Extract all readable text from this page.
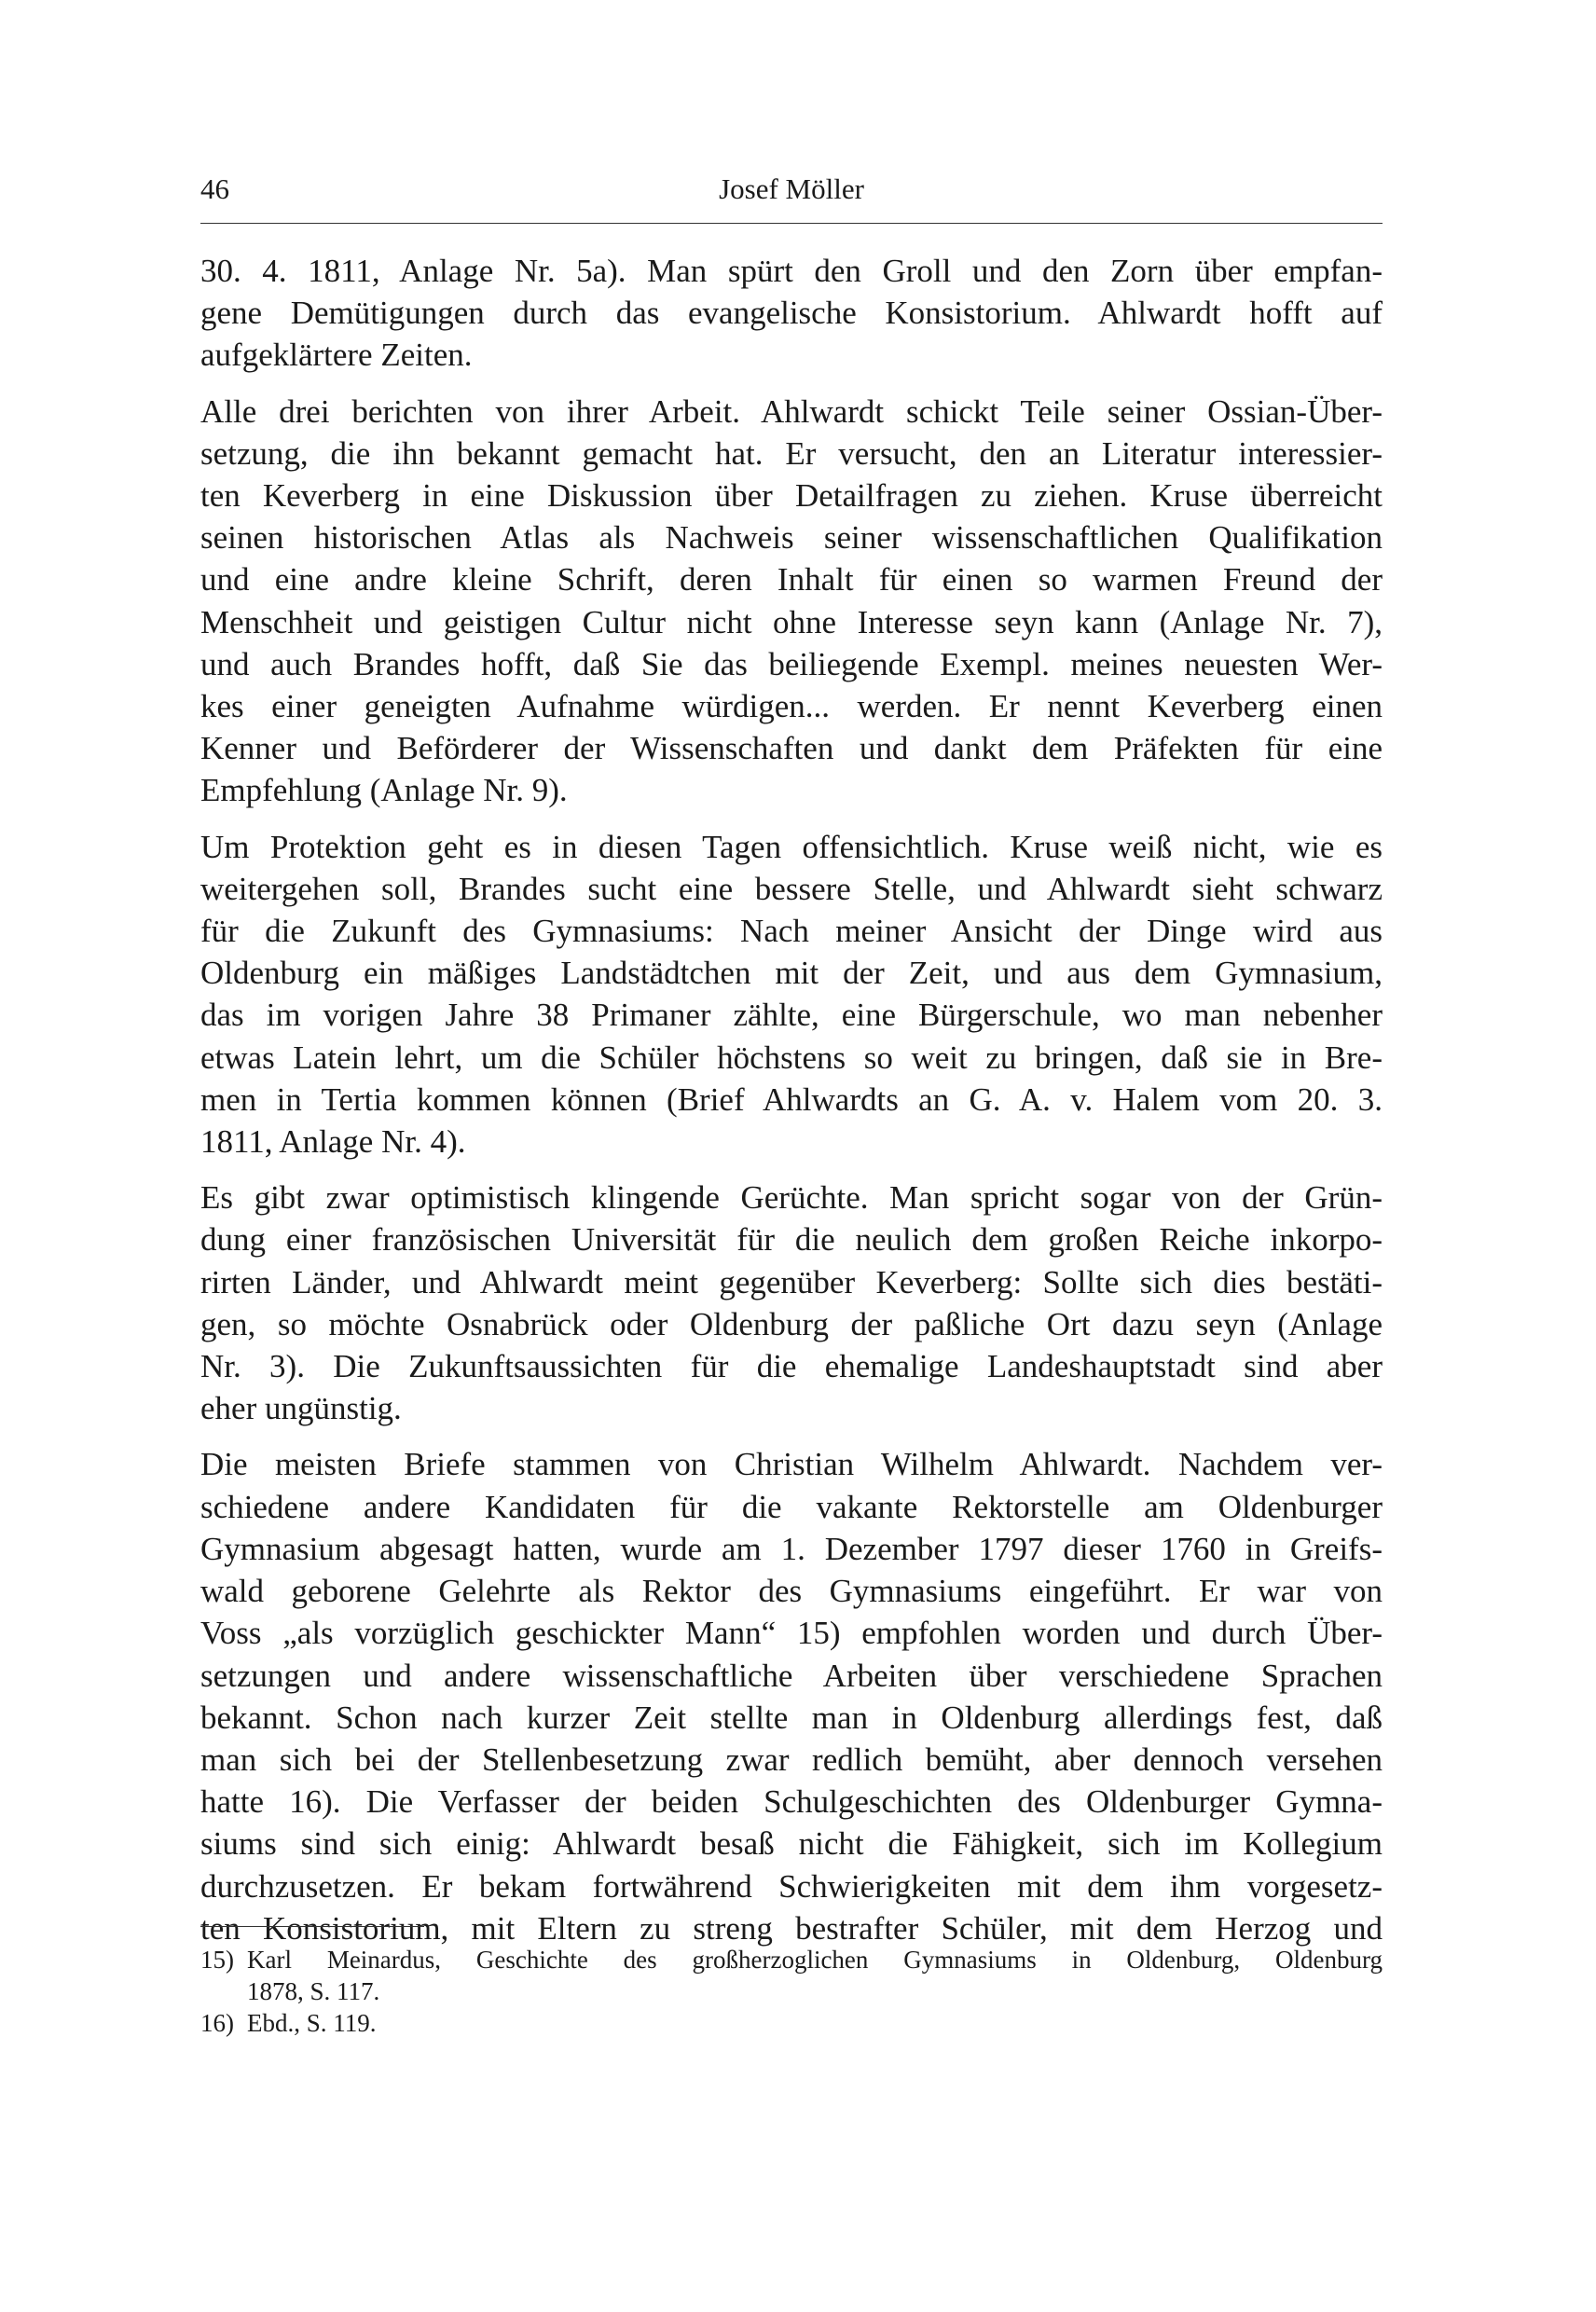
46	Josef Möller

30. 4. 1811, Anlage Nr. 5a). Man spürt den Groll und den Zorn über empfan-
gene Demütigungen durch das evangelische Konsistorium. Ahlwardt hofft auf
aufgeklärtere Zeiten.

Alle drei berichten von ihrer Arbeit. Ahlwardt schickt Teile seiner Ossian-Über-
setzung, die ihn bekannt gemacht hat. Er versucht, den an Literatur interessier-
ten Keverberg in eine Diskussion über Detailfragen zu ziehen. Kruse überreicht
seinen historischen Atlas als Nachweis seiner wissenschaftlichen Qualifikation
und eine andre kleine Schrift, deren Inhalt für einen so warmen Freund der
Menschheit und geistigen Cultur nicht ohne Interesse seyn kann (Anlage Nr. 7),
und auch Brandes hofft, daß Sie das beiliegende Exempl. meines neuesten Wer-
kes einer geneigten Aufnahme würdigen... werden. Er nennt Keverberg einen
Kenner und Beförderer der Wissenschaften und dankt dem Präfekten für eine
Empfehlung (Anlage Nr. 9).

Um Protektion geht es in diesen Tagen offensichtlich. Kruse weiß nicht, wie es
weitergehen soll, Brandes sucht eine bessere Stelle, und Ahlwardt sieht schwarz
für die Zukunft des Gymnasiums: Nach meiner Ansicht der Dinge wird aus
Oldenburg ein mäßiges Landstädtchen mit der Zeit, und aus dem Gymnasium,
das im vorigen Jahre 38 Primaner zählte, eine Bürgerschule, wo man nebenher
etwas Latein lehrt, um die Schüler höchstens so weit zu bringen, daß sie in Bre-
men in Tertia kommen können (Brief Ahlwardts an G. A. v. Halem vom 20. 3.
1811, Anlage Nr. 4).

Es gibt zwar optimistisch klingende Gerüchte. Man spricht sogar von der Grün-
dung einer französischen Universität für die neulich dem großen Reiche inkorpo-
rirten Länder, und Ahlwardt meint gegenüber Keverberg: Sollte sich dies bestäti-
gen, so möchte Osnabrück oder Oldenburg der paßliche Ort dazu seyn (Anlage
Nr. 3). Die Zukunftsaussichten für die ehemalige Landeshauptstadt sind aber
eher ungünstig.

Die meisten Briefe stammen von Christian Wilhelm Ahlwardt. Nachdem ver-
schiedene andere Kandidaten für die vakante Rektorstelle am Oldenburger
Gymnasium abgesagt hatten, wurde am 1. Dezember 1797 dieser 1760 in Greifs-
wald geborene Gelehrte als Rektor des Gymnasiums eingeführt. Er war von
Voss „als vorzüglich geschickter Mann“ 15) empfohlen worden und durch Über-
setzungen und andere wissenschaftliche Arbeiten über verschiedene Sprachen
bekannt. Schon nach kurzer Zeit stellte man in Oldenburg allerdings fest, daß
man sich bei der Stellenbesetzung zwar redlich bemüht, aber dennoch versehen
hatte 16). Die Verfasser der beiden Schulgeschichten des Oldenburger Gymna-
siums sind sich einig: Ahlwardt besaß nicht die Fähigkeit, sich im Kollegium
durchzusetzen. Er bekam fortwährend Schwierigkeiten mit dem ihm vorgesetz-
ten Konsistorium, mit Eltern zu streng bestrafter Schüler, mit dem Herzog und

15) Karl Meinardus, Geschichte des großherzoglichen Gymnasiums in Oldenburg, Oldenburg
1878, S. 117.
16) Ebd., S. 119.
